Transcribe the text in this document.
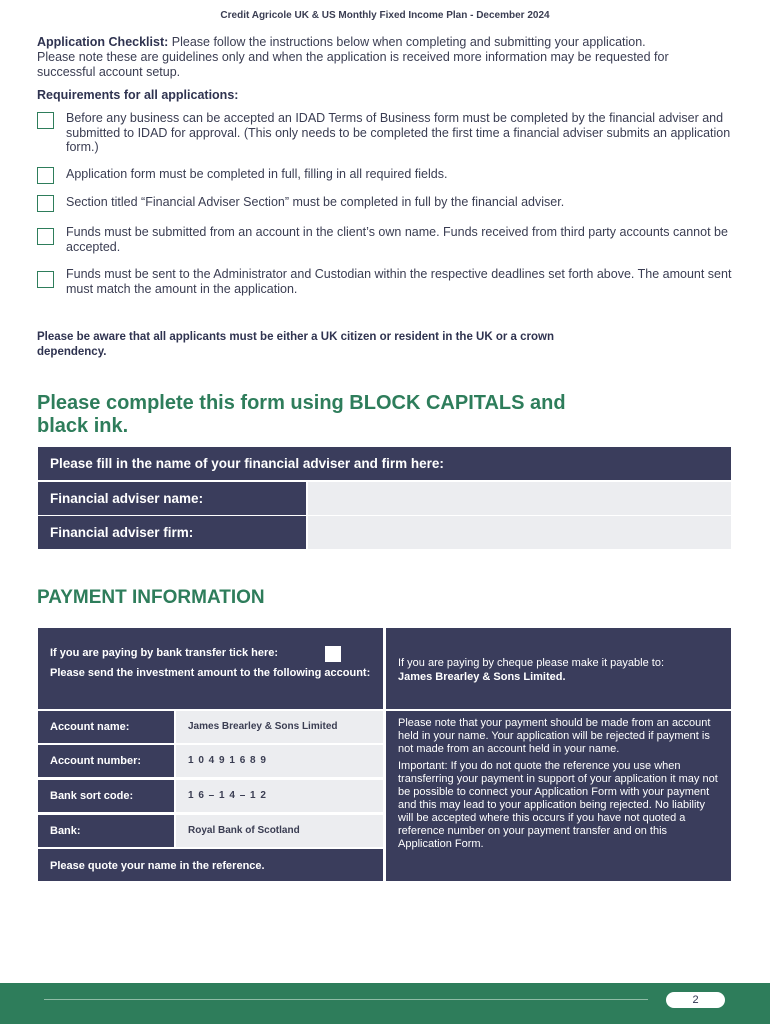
Credit Agricole UK & US Monthly Fixed Income Plan - December 2024
Application Checklist: Please follow the instructions below when completing and submitting your application. Please note these are guidelines only and when the application is received more information may be requested for successful account setup.
Requirements for all applications:
Before any business can be accepted an IDAD Terms of Business form must be completed by the financial adviser and submitted to IDAD for approval. (This only needs to be completed the first time a financial adviser submits an application form.)
Application form must be completed in full, filling in all required fields.
Section titled “Financial Adviser Section” must be completed in full by the financial adviser.
Funds must be submitted from an account in the client’s own name. Funds received from third party accounts cannot be accepted.
Funds must be sent to the Administrator and Custodian within the respective deadlines set forth above. The amount sent must match the amount in the application.
Please be aware that all applicants must be either a UK citizen or resident in the UK or a crown dependency.
Please complete this form using BLOCK CAPITALS and black ink.
Please fill in the name of your financial adviser and firm here:
Financial adviser name:
Financial adviser firm:
PAYMENT INFORMATION
If you are paying by bank transfer tick here:
Please send the investment amount to the following account:
If you are paying by cheque please make it payable to:
James Brearley & Sons Limited.
Account name:	James Brearley & Sons Limited
Account number:	1 0 4 9 1 6 8 9
Bank sort code:	1 6 – 1 4 – 1 2
Bank:	Royal Bank of Scotland
Please quote your name in the reference.

Please note that your payment should be made from an account held in your name. Your application will be rejected if payment is not made from an account held in your name.

Important: If you do not quote the reference you use when transferring your payment in support of your application it may not be possible to connect your Application Form with your payment and this may lead to your application being rejected. No liability will be accepted where this occurs if you have not quoted a reference number on your payment transfer and on this Application Form.

2
